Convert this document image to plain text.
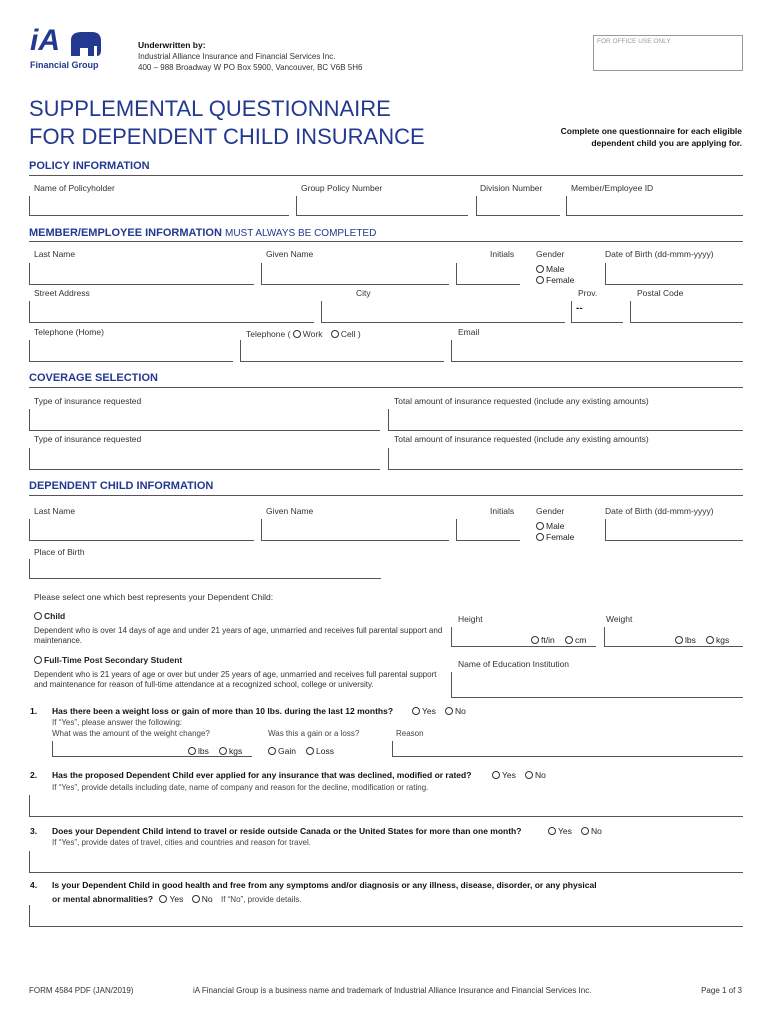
iA
Financial Group
Underwritten by:
Industrial Alliance Insurance and Financial Services Inc.
400 – 988 Broadway W PO Box 5900, Vancouver, BC V6B 5H6
FOR OFFICE USE ONLY
SUPPLEMENTAL QUESTIONNAIRE
FOR DEPENDENT CHILD INSURANCE	Complete one questionnaire for each eligible
dependent child you are applying for.
POLICY INFORMATION
Name of Policyholder	Group Policy Number	Division Number	Member/Employee ID
MEMBER/EMPLOYEE INFORMATION MUST ALWAYS BE COMPLETED
Last Name	Given Name	Initials	Gender	Date of Birth (dd-mmm-yyyy)
Male
Female
Street Address	City	Prov.	Postal Code
--
Telephone (Home)	Telephone ( Work Cell )	Email
COVERAGE SELECTION
Type of insurance requested	Total amount of insurance requested (include any existing amounts)
Type of insurance requested	Total amount of insurance requested (include any existing amounts)
DEPENDENT CHILD INFORMATION
Last Name	Given Name	Initials	Gender	Date of Birth (dd-mmm-yyyy)
Male
Female
Place of Birth
Please select one which best represents your Dependent Child:
Child
Dependent who is over 14 days of age and under 21 years of age, unmarried and receives full parental support and maintenance.
Height	Weight
ft/in	cm	lbs	kgs
Full-Time Post Secondary Student
Dependent who is 21 years of age or over but under 25 years of age, unmarried and receives full parental support and maintenance for reason of full-time attendance at a recognized school, college or university.
Name of Education Institution
1. Has there been a weight loss or gain of more than 10 lbs. during the last 12 months?	Yes	No
If “Yes”, please answer the following:
What was the amount of the weight change?	Was this a gain or a loss?	Reason
lbs	kgs	Gain	Loss
2. Has the proposed Dependent Child ever applied for any insurance that was declined, modified or rated?	Yes	No
If “Yes”, provide details including date, name of company and reason for the decline, modification or rating.
3. Does your Dependent Child intend to travel or reside outside Canada or the United States for more than one month?	Yes	No
If “Yes”, provide dates of travel, cities and countries and reason for travel.
4. Is your Dependent Child in good health and free from any symptoms and/or diagnosis or any illness, disease, disorder, or any physical
or mental abnormalities? Yes No If “No”, provide details.
FORM 4584 PDF (JAN/2019)	iA Financial Group is a business name and trademark of Industrial Alliance Insurance and Financial Services Inc.	Page 1 of 3
